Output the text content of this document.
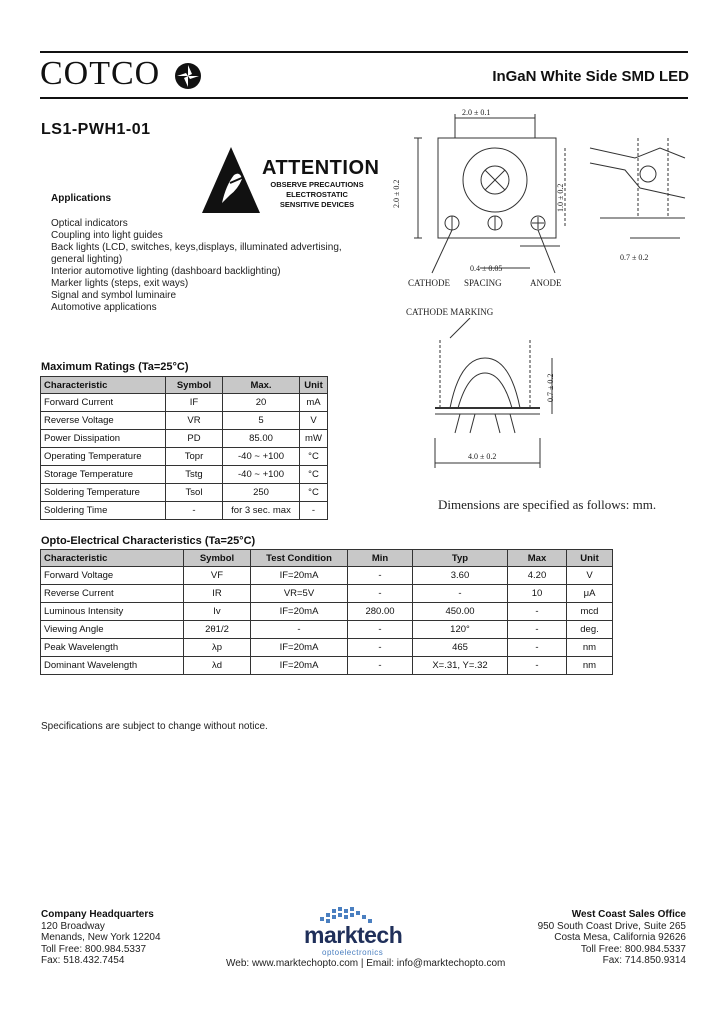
COTCO	InGaN White Side SMD LED
LS1-PWH1-01
ATTENTION
OBSERVE PRECAUTIONS
ELECTROSTATIC
SENSITIVE DEVICES
Applications
Optical indicators
Coupling into light guides
Back lights (LCD, switches, keys,displays, illuminated advertising,
general lighting)
Interior automotive lighting (dashboard backlighting)
Marker lights (steps, exit ways)
Signal and symbol luminaire
Automotive applications
2.0 ± 0.1
2.0 ± 0.2	1.0 ± 0.2
0.4 ± 0.05
0.7 ± 0.2
CATHODE SPACING	ANODE
CATHODE MARKING
0.7 ± 0.2
4.0 ± 0.2
Dimensions are specified as follows: mm.
Maximum Ratings (Ta=25°C)
Characteristic	Symbol	Max.	Unit
Forward Current	IF	20	mA
Reverse Voltage	VR	5	V
Power Dissipation	PD	85.00	mW
Operating Temperature	Topr	-40 ~ +100	°C
Storage Temperature	Tstg	-40 ~ +100	°C
Soldering Temperature	Tsol	250	°C
Soldering Time	-	for 3 sec. max	-
Opto-Electrical Characteristics (Ta=25°C)
Characteristic	Symbol	Test Condition	Min	Typ	Max	Unit
Forward Voltage	VF	IF=20mA	-	3.60	4.20	V
Reverse Current	IR	VR=5V	-	-	10	μA
Luminous Intensity	Iv	IF=20mA	280.00	450.00	-	mcd
Viewing Angle	2θ1/2	-	-	120°	-	deg.
Peak Wavelength	λp	IF=20mA	-	465	-	nm
Dominant Wavelength	λd	IF=20mA	-	X=.31, Y=.32	-	nm
Specifications are subject to change without notice.
Company Headquarters
120 Broadway
Menands, New York 12204
Toll Free: 800.984.5337
Fax: 518.432.7454
marktech
optoelectronics
West Coast Sales Office
950 South Coast Drive, Suite 265
Costa Mesa, California 92626
Toll Free: 800.984.5337
Fax: 714.850.9314
Web: www.marktechopto.com | Email: info@marktechopto.com
